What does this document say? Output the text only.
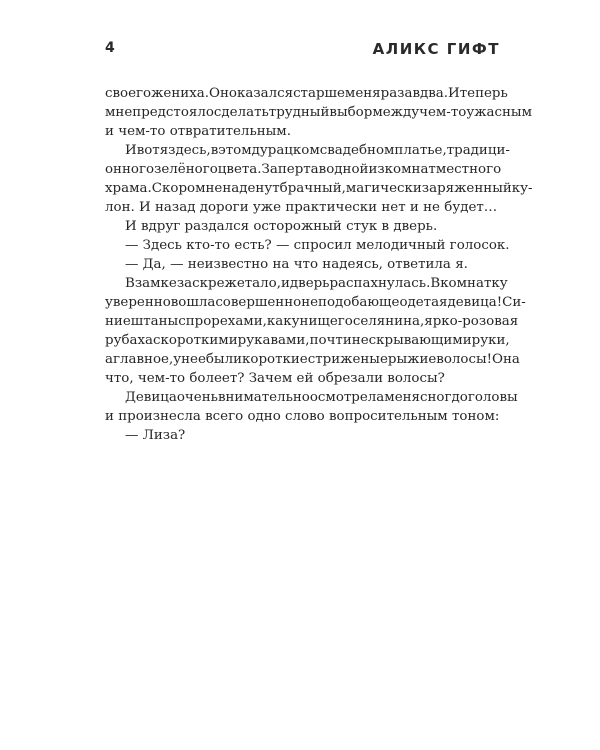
4	АЛИКС ГИФТ
своего жениха. Он оказался старше меня раза в два. И теперь
мне предстояло сделать трудный выбор между чем-то ужасным
и чем-то отвратительным.
И вот я здесь, в этом дурацком свадебном платье, традици-
онного зелёного цвета. Заперта в одной из комнат местного
храма. Скоро мне наденут брачный, магически заряженный ку-
лон. И назад дороги уже практически нет и не будет…
И вдруг раздался осторожный стук в дверь.
— Здесь кто-то есть? — спросил мелодичный голосок.
— Да, — неизвестно на что надеясь, ответила я.
В замке заскрежетало, и дверь распахнулась. В комнатку
уверенно вошла совершенно неподобающе одетая девица! Си-
ние штаны с прорехами, как у нищего селянина, ярко-розовая
рубаха с короткими рукавами, почти не скрывающими руки,
а главное, у нее были короткие стриженые рыжие волосы! Она
что, чем-то болеет? Зачем ей обрезали волосы?
Девица очень внимательно осмотрела меня с ног до головы
и произнесла всего одно слово вопросительным тоном:
— Лиза?
